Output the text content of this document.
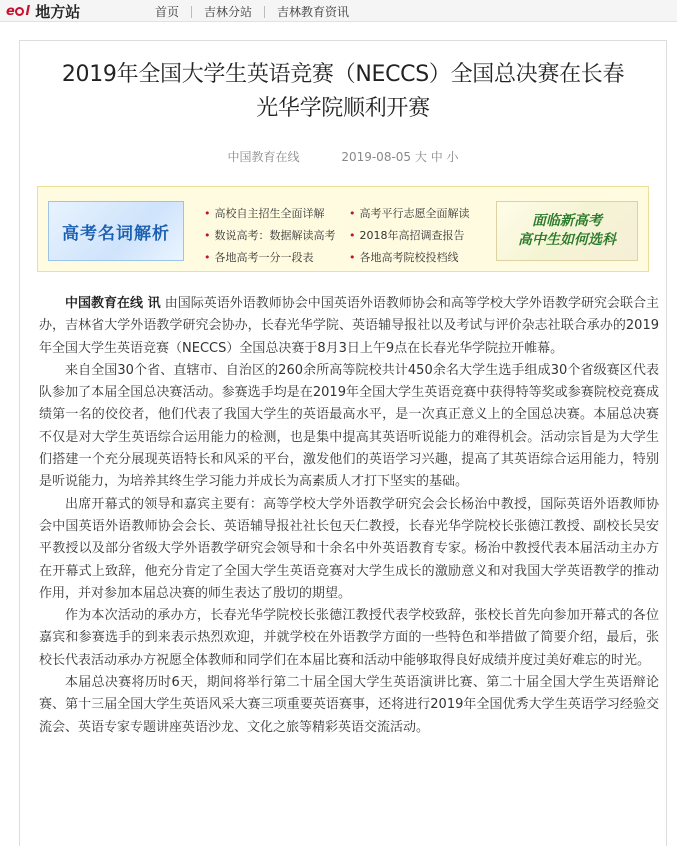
e l 地方站	首页 吉林分站 吉林教育资讯
2019年全国大学生英语竞赛（NECCS）全国总决赛在长春
光华学院顺利开赛
中国教育在线	2019-08-05 大 中 小
高考名词解析
• 高校自主招生全面详解	• 高考平行志愿全面解读
• 数说高考：数据解读高考	• 2018年高招调查报告
• 各地高考一分一段表	• 各地高考院校投档线
面临新高考
高中生如何选科

中国教育在线 讯 由国际英语外语教师协会中国英语外语教师协会和高等学校大学外语教学研究会联合主办，吉林省大学外语教学研究会协办，长春光华学院、英语辅导报社以及考试与评价杂志社联合承办的2019年全国大学生英语竞赛（NECCS）全国总决赛于8月3日上午9点在长春光华学院拉开帷幕。

来自全国30个省、直辖市、自治区的260余所高等院校共计450余名大学生选手组成30个省级赛区代表队参加了本届全国总决赛活动。参赛选手均是在2019年全国大学生英语竞赛中获得特等奖或参赛院校竞赛成绩第一名的佼佼者，他们代表了我国大学生的英语最高水平，是一次真正意义上的全国总决赛。本届总决赛不仅是对大学生英语综合运用能力的检测，也是集中提高其英语听说能力的难得机会。活动宗旨是为大学生们搭建一个充分展现英语特长和风采的平台，激发他们的英语学习兴趣，提高了其英语综合运用能力，特别是听说能力，为培养其终生学习能力并成长为高素质人才打下坚实的基础。

出席开幕式的领导和嘉宾主要有：高等学校大学外语教学研究会会长杨治中教授，国际英语外语教师协会中国英语外语教师协会会长、英语辅导报社社长包天仁教授，长春光华学院校长张德江教授、副校长吴安平教授以及部分省级大学外语教学研究会领导和十余名中外英语教育专家。杨治中教授代表本届活动主办方在开幕式上致辞，他充分肯定了全国大学生英语竞赛对大学生成长的激励意义和对我国大学英语教学的推动作用，并对参加本届总决赛的师生表达了殷切的期望。

作为本次活动的承办方，长春光华学院校长张德江教授代表学校致辞，张校长首先向参加开幕式的各位嘉宾和参赛选手的到来表示热烈欢迎，并就学校在外语教学方面的一些特色和举措做了简要介绍，最后，张校长代表活动承办方祝愿全体教师和同学们在本届比赛和活动中能够取得良好成绩并度过美好难忘的时光。

本届总决赛将历时6天，期间将举行第二十届全国大学生英语演讲比赛、第二十届全国大学生英语辩论赛、第十三届全国大学生英语风采大赛三项重要英语赛事，还将进行2019年全国优秀大学生英语学习经验交流会、英语专家专题讲座英语沙龙、文化之旅等精彩英语交流活动。
